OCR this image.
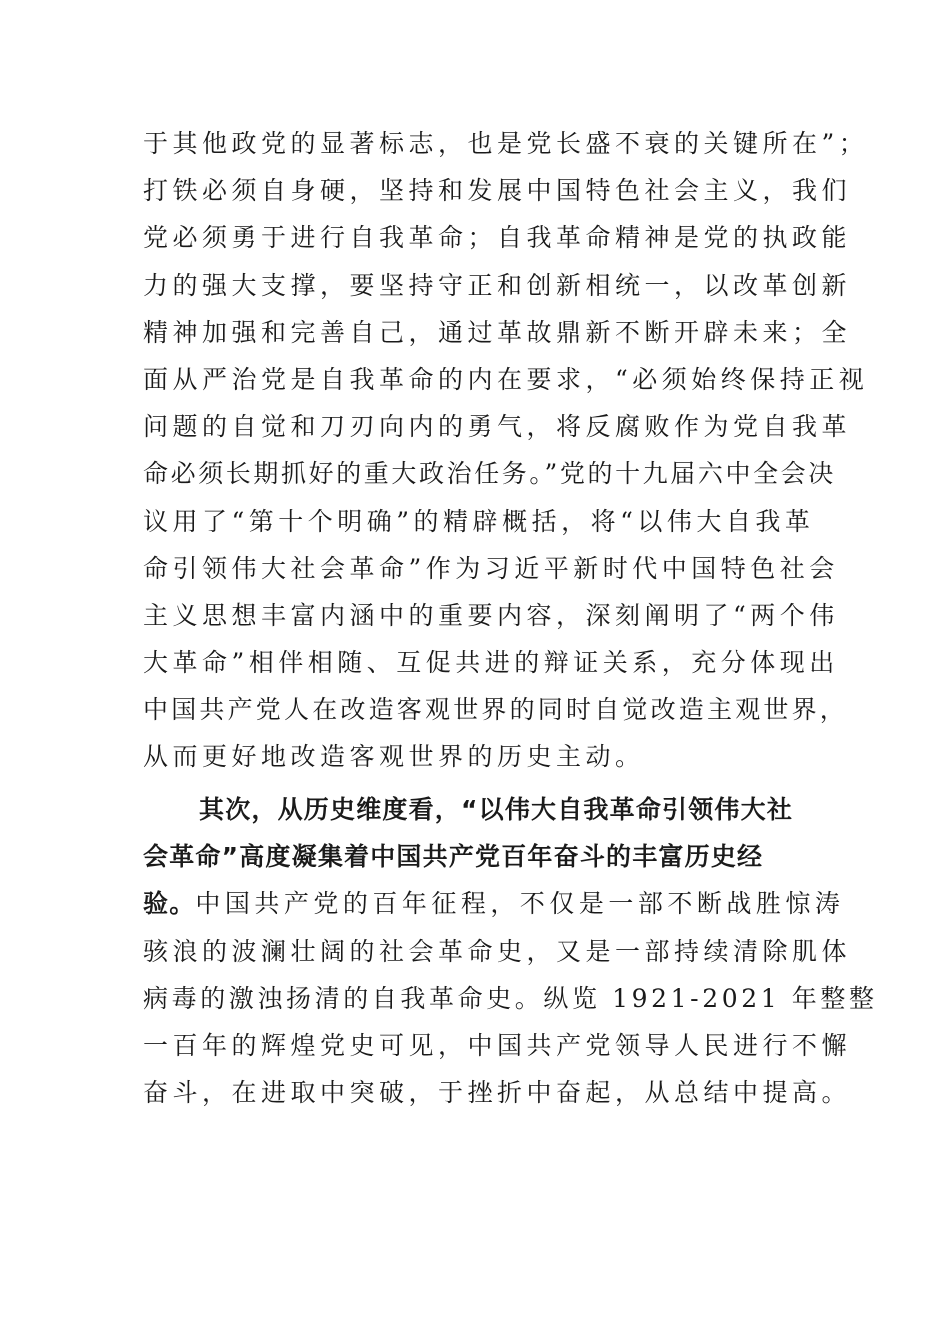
于其他政党的显著标志，也是党长盛不衰的关键所在”；
打铁必须自身硬，坚持和发展中国特色社会主义，我们
党必须勇于进行自我革命；自我革命精神是党的执政能
力的强大支撑，要坚持守正和创新相统一，以改革创新
精神加强和完善自己，通过革故鼎新不断开辟未来；全
面从严治党是自我革命的内在要求，“必须始终保持正视
问题的自觉和刀刃向内的勇气，将反腐败作为党自我革
命必须长期抓好的重大政治任务。”党的十九届六中全会决
议用了“第十个明确”的精辟概括，将“以伟大自我革
命引领伟大社会革命”作为习近平新时代中国特色社会
主义思想丰富内涵中的重要内容，深刻阐明了“两个伟
大革命”相伴相随、互促共进的辩证关系，充分体现出
中国共产党人在改造客观世界的同时自觉改造主观世界，
从而更好地改造客观世界的历史主动。
其次，从历史维度看，“以伟大自我革命引领伟大社
会革命”高度凝集着中国共产党百年奋斗的丰富历史经
验。中国共产党的百年征程，不仅是一部不断战胜惊涛
骇浪的波澜壮阔的社会革命史，又是一部持续清除肌体
病毒的激浊扬清的自我革命史。纵览 1921-2021 年整整
一百年的辉煌党史可见，中国共产党领导人民进行不懈
奋斗，在进取中突破，于挫折中奋起，从总结中提高。
